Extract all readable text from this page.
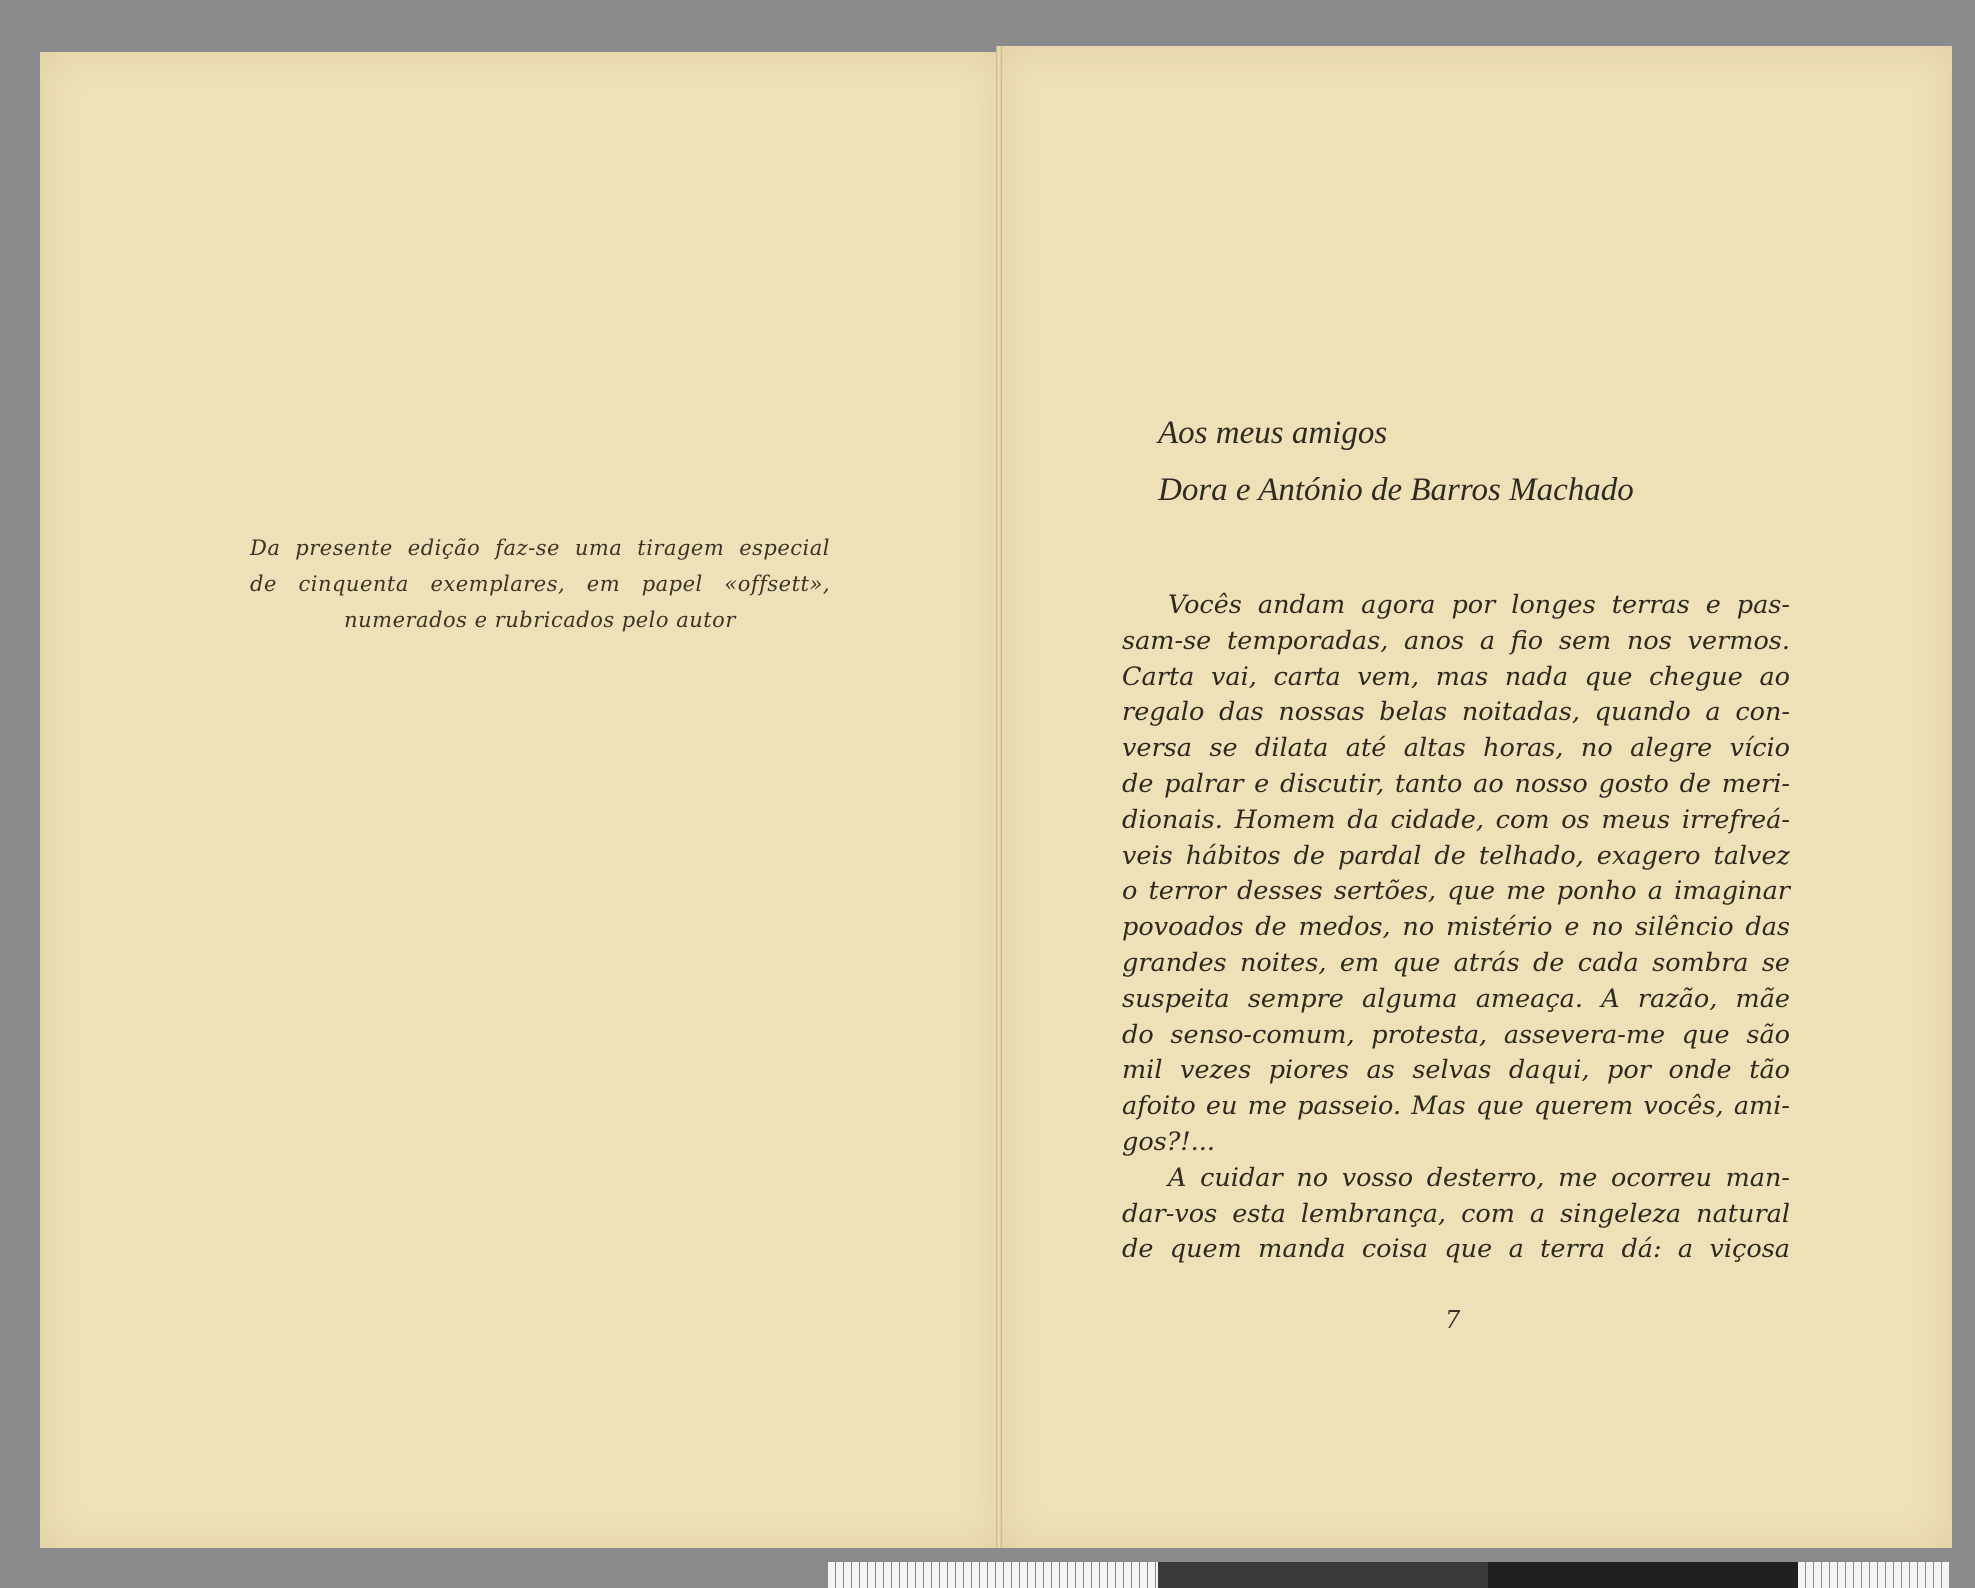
Da presente edição faz-se uma tiragem especial
de cinquenta exemplares, em papel «offsett»,
numerados e rubricados pelo autor
Aos meus amigos
Dora e António de Barros Machado
Vocês andam agora por longes terras e pas-
sam-se temporadas, anos a fio sem nos vermos.
Carta vai, carta vem, mas nada que chegue ao
regalo das nossas belas noitadas, quando a con-
versa se dilata até altas horas, no alegre vício
de palrar e discutir, tanto ao nosso gosto de meri-
dionais. Homem da cidade, com os meus irrefreá-
veis hábitos de pardal de telhado, exagero talvez
o terror desses sertões, que me ponho a imaginar
povoados de medos, no mistério e no silêncio das
grandes noites, em que atrás de cada sombra se
suspeita sempre alguma ameaça. A razão, mãe
do senso-comum, protesta, assevera-me que são
mil vezes piores as selvas daqui, por onde tão
afoito eu me passeio. Mas que querem vocês, ami-
gos?!...
A cuidar no vosso desterro, me ocorreu man-
dar-vos esta lembrança, com a singeleza natural
de quem manda coisa que a terra dá: a viçosa
7
